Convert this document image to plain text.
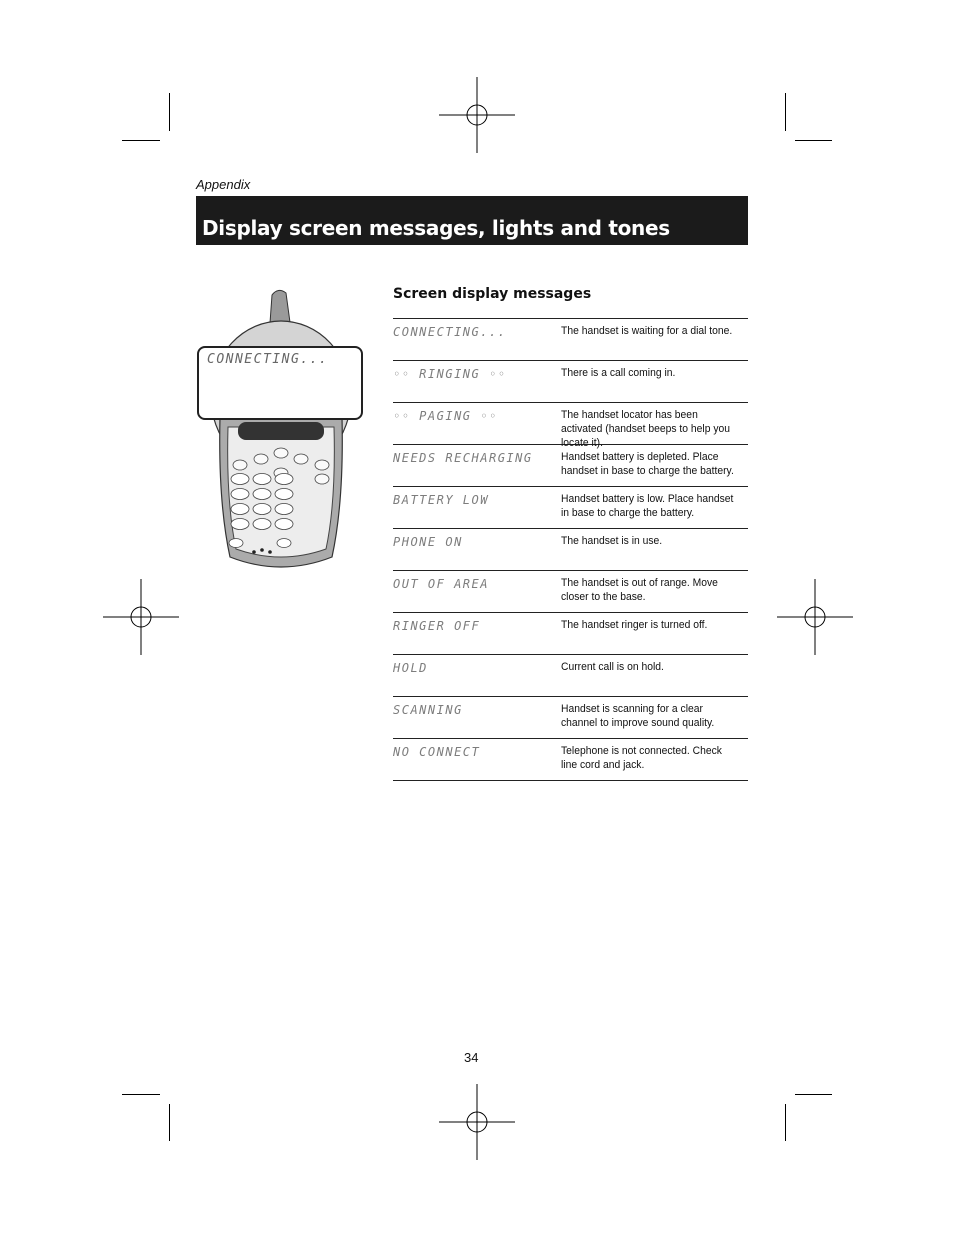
Appendix
Display screen messages, lights and tones
CONNECTING...
Screen display messages
CONNECTING...	The handset is waiting for a dial tone.
◦◦ RINGING ◦◦	There is a call coming in.
◦◦ PAGING ◦◦	The handset locator has been activated (handset beeps to help you locate it).
NEEDS RECHARGING	Handset battery is depleted. Place handset in base to charge the battery.
BATTERY LOW	Handset battery is low. Place handset in base to charge the battery.
PHONE ON	The handset is in use.
OUT OF AREA	The handset is out of range. Move closer to the base.
RINGER OFF	The handset ringer is turned off.
HOLD	Current call is on hold.
SCANNING	Handset is scanning for a clear channel to improve sound quality.
NO CONNECT	Telephone is not connected. Check line cord and jack.
34
